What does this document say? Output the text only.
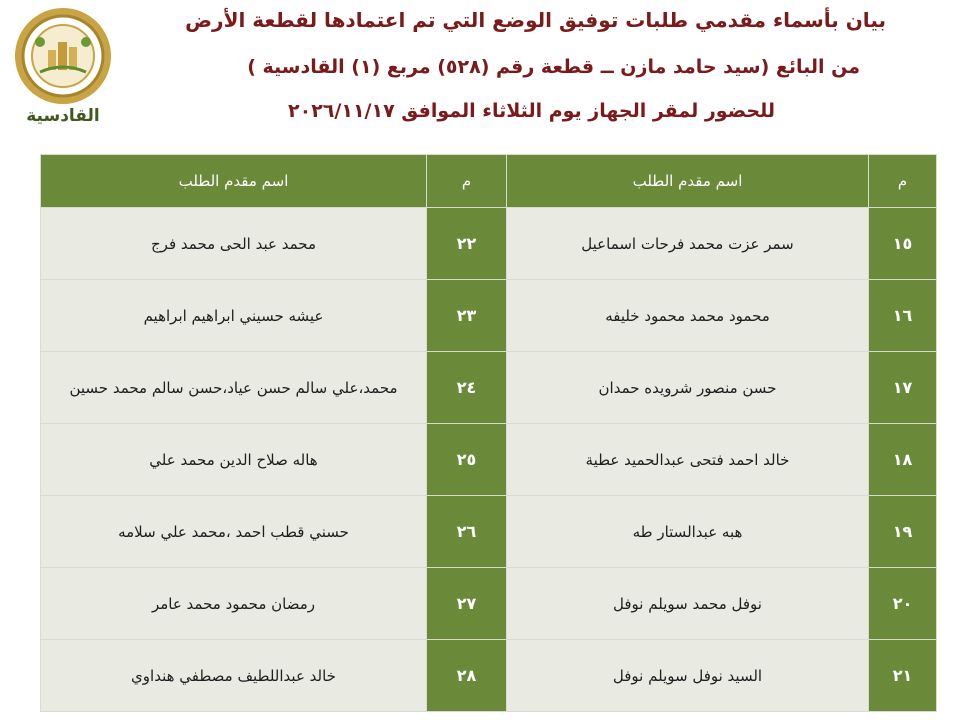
القادسية
بيان بأسماء مقدمي طلبات توفيق الوضع التي تم اعتمادها لقطعة الأرض
من البائع (سيد حامد مازن ــ قطعة رقم (٥٢٨) مربع (١) القادسية )
للحضور لمقر الجهاز يوم الثلاثاء الموافق ٢٠٢٦/١١/١٧
م	اسم مقدم الطلب	م	اسم مقدم الطلب
١٥	سمر عزت محمد فرحات اسماعيل	٢٢	محمد عبد الحى محمد فرج
١٦	محمود محمد محمود خليفه	٢٣	عيشه حسيني ابراهيم ابراهيم
١٧	حسن منصور شرويده حمدان	٢٤	محمد،علي سالم حسن عياد،حسن سالم محمد حسين
١٨	خالد احمد فتحى عبدالحميد عطية	٢٥	هاله صلاح الدين محمد علي
١٩	هبه عبدالستار طه	٢٦	حسني قطب احمد ،محمد علي سلامه
٢٠	نوفل محمد سويلم نوفل	٢٧	رمضان محمود محمد عامر
٢١	السيد نوفل سويلم نوفل	٢٨	خالد عبداللطيف مصطفي هنداوي
